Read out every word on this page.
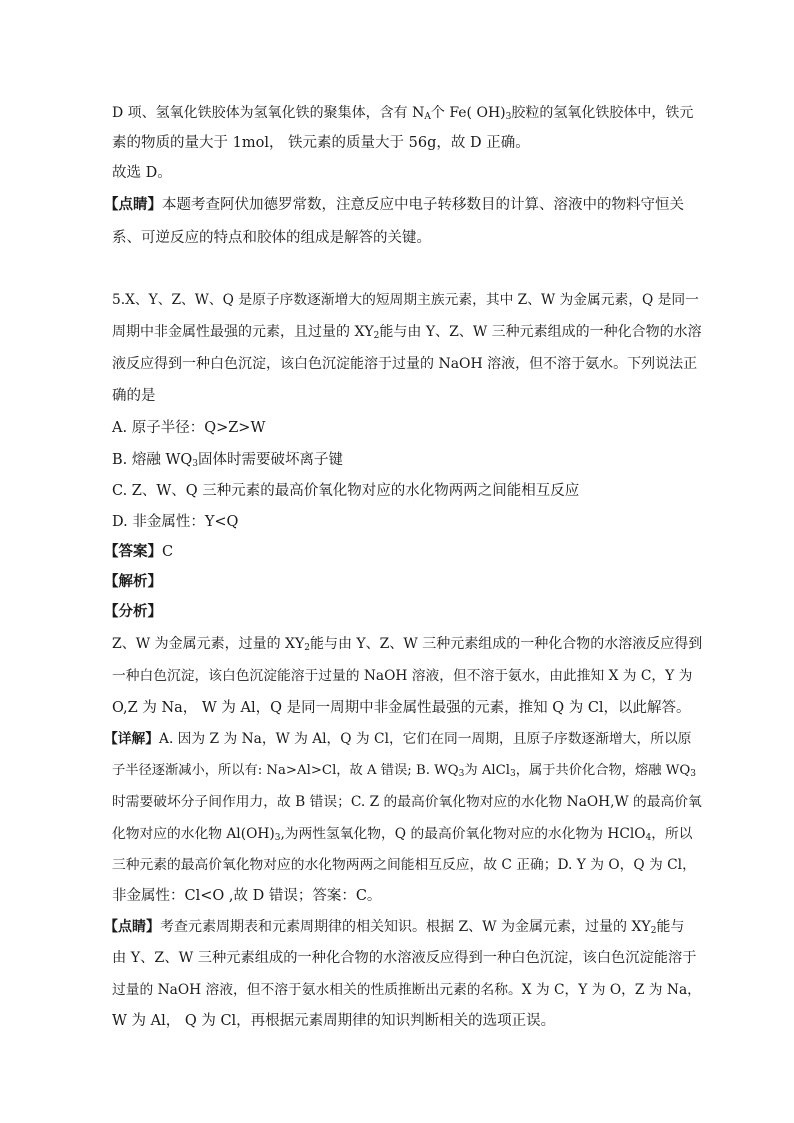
D 项、氢氧化铁胶体为氢氧化铁的聚集体，含有 $N_A$个 Fe( $OH)_3$胶粒的氢氧化铁胶体中，铁元
素的物质的量大于 1mol， 铁元素的质量大于 56g，故 D 正确。
故选 D。
【点睛】本题考查阿伏加德罗常数，注意反应中电子转移数目的计算、溶液中的物料守恒关
系、可逆反应的特点和胶体的组成是解答的关键。
5.X、Y、Z、W、Q 是原子序数逐渐增大的短周期主族元素，其中 Z、W 为金属元素，Q 是同一
周期中非金属性最强的元素，且过量的 $XY_2$能与由 Y、Z、W 三种元素组成的一种化合物的水溶
液反应得到一种白色沉淀，该白色沉淀能溶于过量的 NaOH 溶液，但不溶于氨水。下列说法正
确的是
A. 原子半径：Q>Z>W
B. 熔融 $WQ_3$固体时需要破坏离子键
C. Z、W、Q 三种元素的最高价氧化物对应的水化物两两之间能相互反应
D. 非金属性：Y<Q
【答案】C
【解析】
【分析】
Z、W 为金属元素，过量的 $XY_2$能与由 Y、Z、W 三种元素组成的一种化合物的水溶液反应得到
一种白色沉淀，该白色沉淀能溶于过量的 NaOH 溶液，但不溶于氨水，由此推知 X 为 C，Y 为
O,Z 为 Na， W 为 Al，Q 是同一周期中非金属性最强的元素，推知 Q 为 Cl，以此解答。
【详解】A. 因为 Z 为 Na，W 为 Al，Q 为 Cl，它们在同一周期，且原子序数逐渐增大，所以原
子半径逐渐减小，所以有: Na>Al>Cl，故 A 错误; B. $WQ_3$为 AlCl$_3$，属于共价化合物，熔融 $WQ_3$
时需要破坏分子间作用力，故 B 错误；C. Z 的最高价氧化物对应的水化物 NaOH,W 的最高价氧
化物对应的水化物 $Al(OH)_3$,为两性氢氧化物，Q 的最高价氧化物对应的水化物为 HClO$_4$，所以
三种元素的最高价氧化物对应的水化物两两之间能相互反应，故 C 正确；D. Y 为 O，Q 为 Cl，
非金属性：Cl<O ,故 D 错误；答案：C。
【点睛】考查元素周期表和元素周期律的相关知识。根据 Z、W 为金属元素，过量的 $XY_2$能与
由 Y、Z、W 三种元素组成的一种化合物的水溶液反应得到一种白色沉淀，该白色沉淀能溶于
过量的 NaOH 溶液，但不溶于氨水相关的性质推断出元素的名称。X 为 C，Y 为 O，Z 为 Na，
W 为 Al， Q 为 Cl，再根据元素周期律的知识判断相关的选项正误。
